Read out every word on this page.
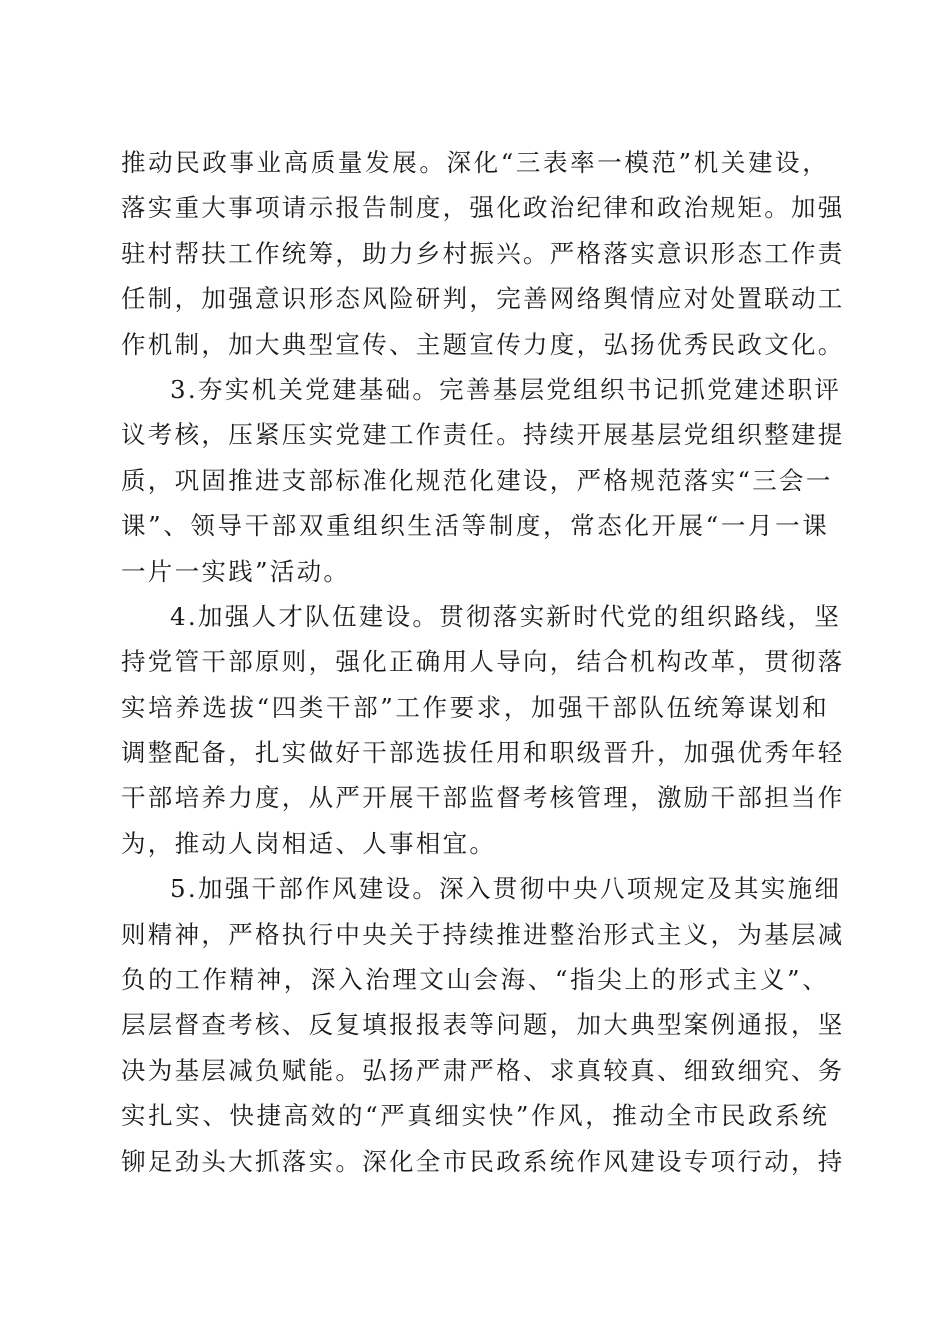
推动民政事业高质量发展。深化“三表率一模范”机关建设，
落实重大事项请示报告制度，强化政治纪律和政治规矩。加强
驻村帮扶工作统筹，助力乡村振兴。严格落实意识形态工作责
任制，加强意识形态风险研判，完善网络舆情应对处置联动工
作机制，加大典型宣传、主题宣传力度，弘扬优秀民政文化。
3.夯实机关党建基础。完善基层党组织书记抓党建述职评
议考核，压紧压实党建工作责任。持续开展基层党组织整建提
质，巩固推进支部标准化规范化建设，严格规范落实“三会一
课”、领导干部双重组织生活等制度，常态化开展“一月一课
一片一实践”活动。
4.加强人才队伍建设。贯彻落实新时代党的组织路线，坚
持党管干部原则，强化正确用人导向，结合机构改革，贯彻落
实培养选拔“四类干部”工作要求，加强干部队伍统筹谋划和
调整配备，扎实做好干部选拔任用和职级晋升，加强优秀年轻
干部培养力度，从严开展干部监督考核管理，激励干部担当作
为，推动人岗相适、人事相宜。
5.加强干部作风建设。深入贯彻中央八项规定及其实施细
则精神，严格执行中央关于持续推进整治形式主义，为基层减
负的工作精神，深入治理文山会海、“指尖上的形式主义”、
层层督查考核、反复填报报表等问题，加大典型案例通报，坚
决为基层减负赋能。弘扬严肃严格、求真较真、细致细究、务
实扎实、快捷高效的“严真细实快”作风，推动全市民政系统
铆足劲头大抓落实。深化全市民政系统作风建设专项行动，持
